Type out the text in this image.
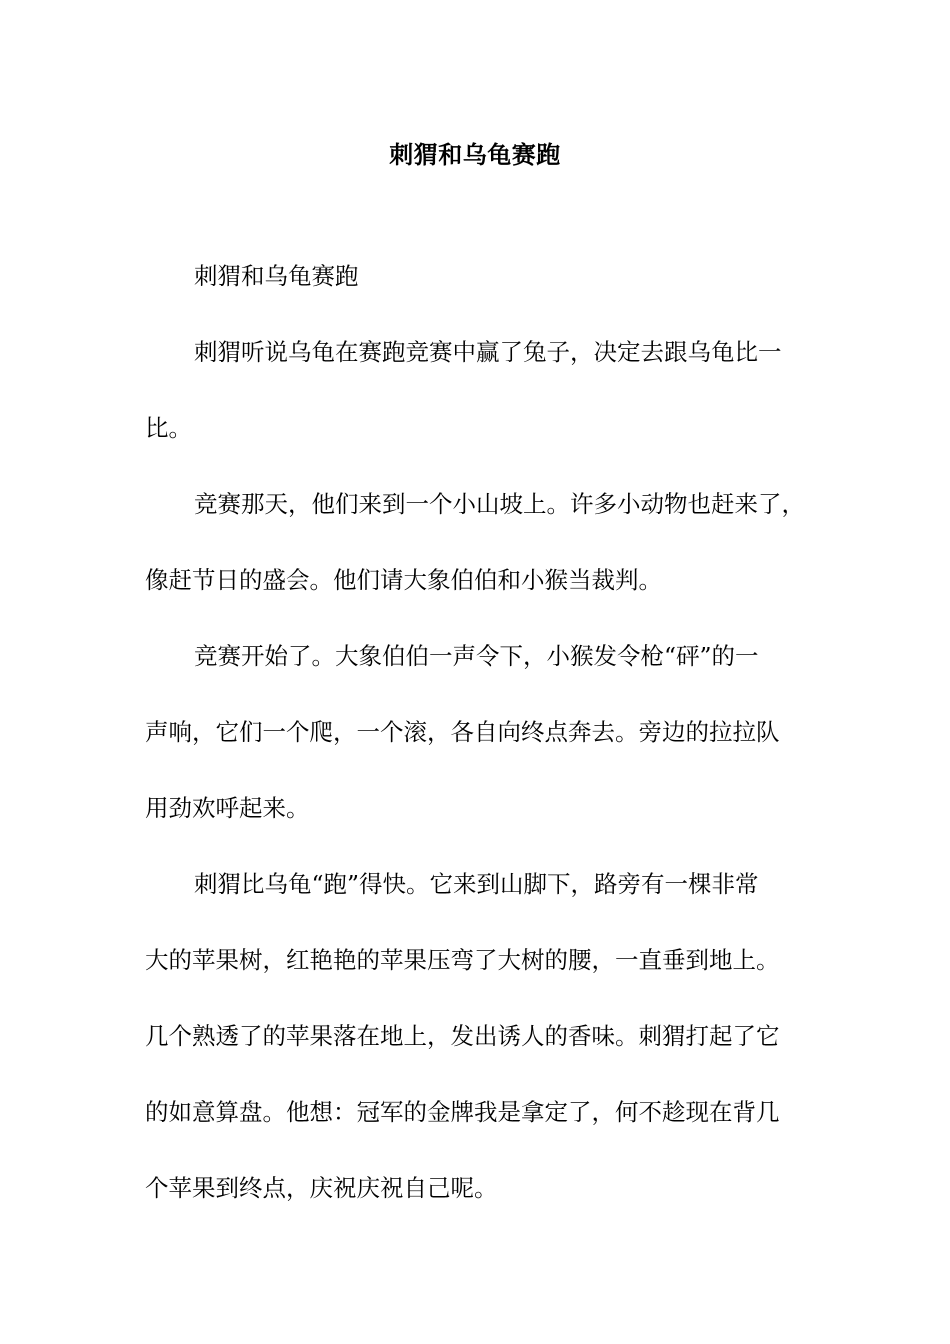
刺猬和乌龟赛跑
刺猬和乌龟赛跑
刺猬听说乌龟在赛跑竞赛中赢了兔子，决定去跟乌龟比一
比。
竞赛那天，他们来到一个小山坡上。许多小动物也赶来了，
像赶节日的盛会。他们请大象伯伯和小猴当裁判。
竞赛开始了。大象伯伯一声令下，小猴发令枪“砰”的一
声响，它们一个爬，一个滚，各自向终点奔去。旁边的拉拉队
用劲欢呼起来。
刺猬比乌龟“跑”得快。它来到山脚下，路旁有一棵非常
大的苹果树，红艳艳的苹果压弯了大树的腰，一直垂到地上。
几个熟透了的苹果落在地上，发出诱人的香味。刺猬打起了它
的如意算盘。他想：冠军的金牌我是拿定了，何不趁现在背几
个苹果到终点，庆祝庆祝自己呢。
